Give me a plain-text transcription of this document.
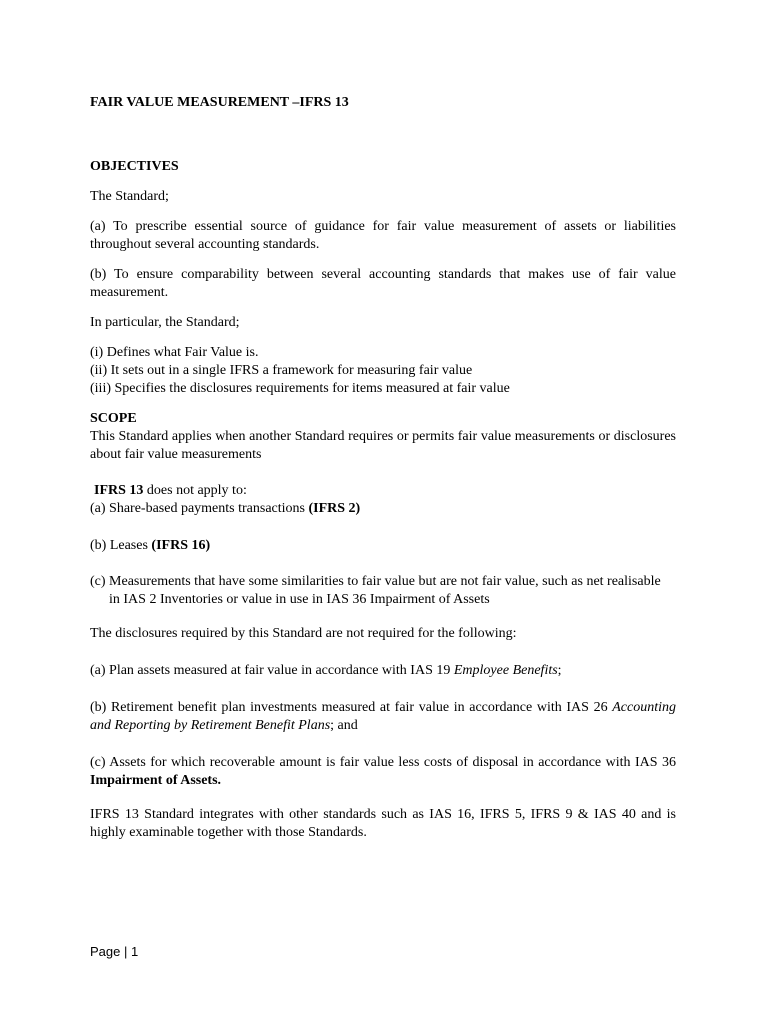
FAIR VALUE MEASUREMENT –IFRS 13

OBJECTIVES

The Standard;

(a) To prescribe essential source of guidance for fair value measurement of assets or liabilities throughout several accounting standards.

(b) To ensure comparability between several accounting standards that makes use of fair value measurement.

In particular, the Standard;

(i) Defines what Fair Value is.

(ii) It sets out in a single IFRS a framework for measuring fair value

(iii) Specifies the disclosures requirements for items measured at fair value

SCOPE

This Standard applies when another Standard requires or permits fair value measurements or disclosures about fair value measurements

IFRS 13 does not apply to:

(a) Share-based payments transactions (IFRS 2)

(b) Leases (IFRS 16)

(c) Measurements that have some similarities to fair value but are not fair value, such as net realisable in IAS 2 Inventories or value in use in IAS 36 Impairment of Assets

The disclosures required by this Standard are not required for the following:

(a) Plan assets measured at fair value in accordance with IAS 19 Employee Benefits;

(b) Retirement benefit plan investments measured at fair value in accordance with IAS 26 Accounting and Reporting by Retirement Benefit Plans; and

(c) Assets for which recoverable amount is fair value less costs of disposal in accordance with IAS 36 Impairment of Assets.

IFRS 13 Standard integrates with other standards such as IAS 16, IFRS 5, IFRS 9 & IAS 40 and is highly examinable together with those Standards.

Page | 1
